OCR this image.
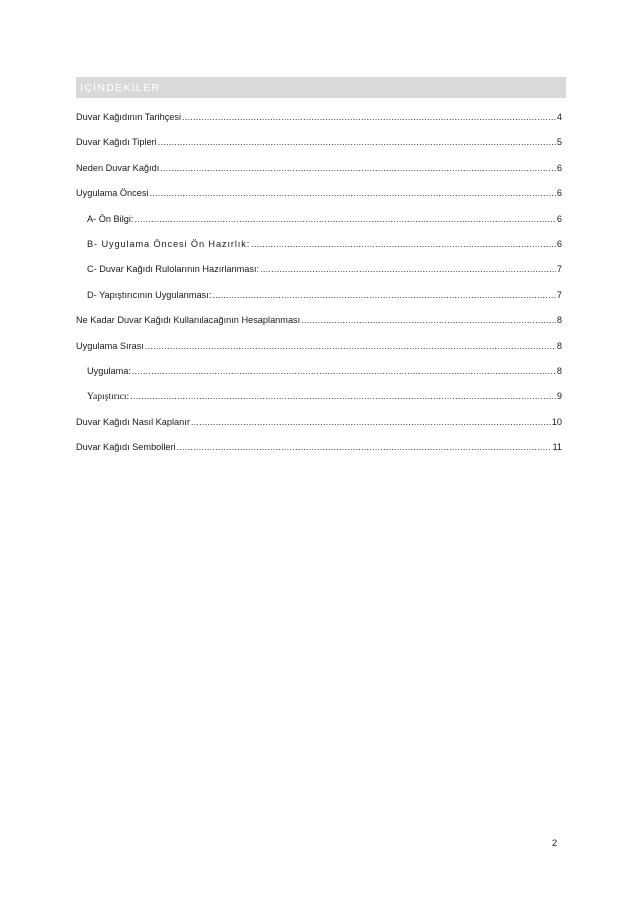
İÇİNDEKİLER
Duvar Kağıdının Tarihçesi .....	4
Duvar Kağıdı Tipleri .....	5
Neden Duvar Kağıdı .....	6
Uygulama Öncesi .....	6
A- Ön Bilgi: .....	6
B- Uygulama Öncesi Ön Hazırlık: .....	6
C- Duvar Kağıdı Rulolarının Hazırlanması: .....	7
D- Yapıştırıcının Uygulanması: .....	7
Ne Kadar Duvar Kağıdı Kullanılacağının Hesaplanması .....	8
Uygulama Sırası .....	8
Uygulama: .....	8
Yapıştırıcı: .....	9
Duvar Kağıdı Nasıl Kaplanır .....	10
Duvar Kağıdı Sembolleri .....	11
2
